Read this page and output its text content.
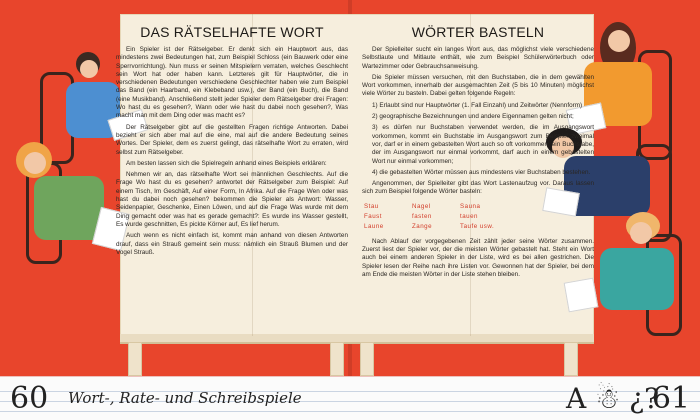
DAS RÄTSELHAFTE WORT
Ein Spieler ist der Rätselgeber. Er denkt sich ein Hauptwort aus, das mindestens zwei Bedeutungen hat, zum Beispiel Schloss (ein Bauwerk oder eine Sperrvorrichtung). Nun muss er seinen Mitspielern verraten, welches Geschlecht sein Wort hat oder haben kann. Letzteres gilt für Hauptwörter, die in verschiedenen Bedeutungen verschiedene Geschlechter haben wie zum Beispiel das Band (ein Haarband, ein Klebeband usw.), der Band (ein Buch), die Band (eine Musikband). Anschließend stellt jeder Spieler dem Rätselgeber drei Fragen: Wo hast du es gesehen?, Wann oder wie hast du dabei noch gesehen?, Was macht man mit dem Ding oder was macht es?
Der Rätselgeber gibt auf die gestellten Fragen richtige Antworten. Dabei bezieht er sich aber mal auf die eine, mal auf die andere Bedeutung seines Wortes. Der Spieler, dem es zuerst gelingt, das rätselhafte Wort zu erraten, wird selbst zum Rätselgeber.
Am besten lassen sich die Spielregeln anhand eines Beispiels erklären:
Nehmen wir an, das rätselhafte Wort sei männlichen Geschlechts. Auf die Frage Wo hast du es gesehen? antwortet der Rätselgeber zum Beispiel: Auf einem Tisch, Im Geschäft, Auf einer Form, In Afrika. Auf die Frage Wen oder was hast du dabei noch gesehen? bekommen die Spieler als Antwort: Wasser, Seidenpapier, Geschenke, Einen Löwen, und auf die Frage Was wurde mit dem Ding gemacht oder was hat es gerade gemacht?: Es wurde ins Wasser gestellt, Es wurde geschnitten, Es pickte Körner auf, Es lief herum.
Auch wenn es nicht einfach ist, kommt man anhand von diesen Antworten drauf, dass ein Strauß gemeint sein muss: nämlich ein Strauß Blumen und der Vogel Strauß.
WÖRTER BASTELN
Der Spielleiter sucht ein langes Wort aus, das möglichst viele verschiedene Selbstlaute und Mitlaute enthält, wie zum Beispiel Schülerwörterbuch oder Wartezimmer oder Gebrauchsanweisung.
Die Spieler müssen versuchen, mit den Buchstaben, die in dem gewählten Wort vorkommen, innerhalb der ausgemachten Zeit (5 bis 10 Minuten) möglichst viele Wörter zu basteln. Dabei gelten folgende Regeln:
1) Erlaubt sind nur Hauptwörter (1. Fall Einzahl) und Zeitwörter (Nennform)
2) geographische Bezeichnungen und andere Eigennamen gelten nicht;
3) es dürfen nur Buchstaben verwendet werden, die im Ausgangswort vorkommen, kommt ein Buchstabe im Ausgangswort zum Beispiel zweimal vor, darf er in einem gebastelten Wort auch so oft vorkommen; ein Buchstabe, der im Ausgangswort nur einmal vorkommt, darf auch in einem gebastelten Wort nur einmal vorkommen;
4) die gebastelten Wörter müssen aus mindestens vier Buchstaben bestehen.
Angenommen, der Spielleiter gibt das Wort Lastenaufzug vor. Daraus lassen sich zum Beispiel folgende Wörter basteln:
Stau	Nagel	Sauna
Faust	fasten	tauen
Laune	Zange	Taufe usw.
Nach Ablauf der vorgegebenen Zeit zählt jeder seine Wörter zusammen. Zuerst liest der Spieler vor, der die meisten Wörter gebastelt hat. Steht ein Wort auch bei einem anderen Spieler in der Liste, wird es bei allen gestrichen. Die Spieler lesen der Reihe nach ihre Listen vor. Gewonnen hat der Spieler, bei dem am Ende die meisten Wörter in der Liste stehen bleiben.
60 Wort-, Rate- und Schreibspiele	A ☃ ¿?
61
